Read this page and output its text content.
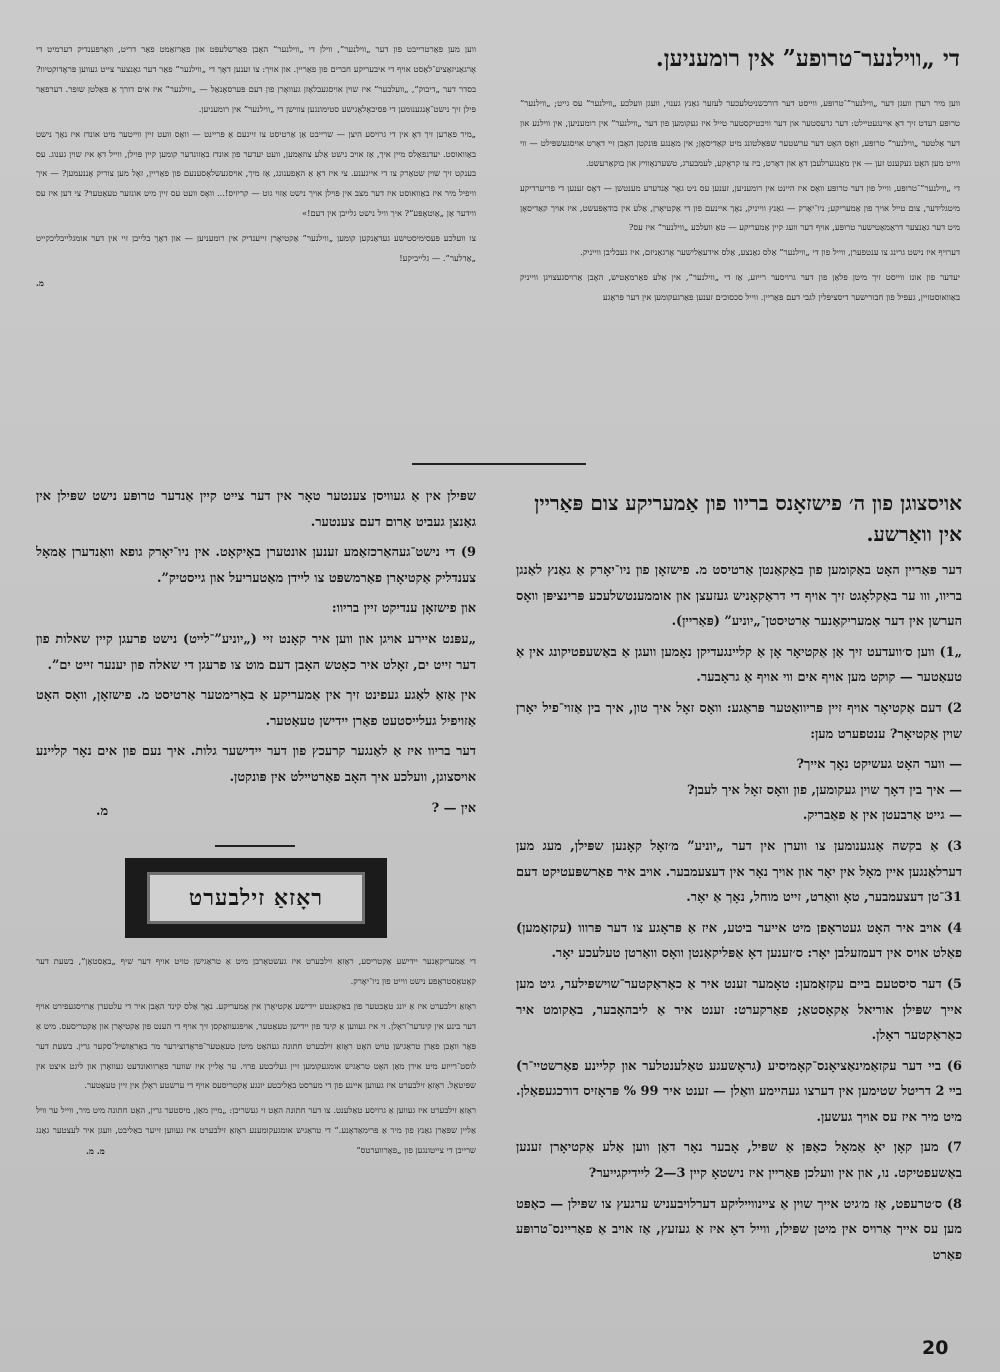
די „ווילנער־טרופע” אין רומעניען.

ווען מיר רעדן וועגן דער „ווילנער”־טרופּע, ווייסט דער דורכשניטלעכער לעזער גאַנץ גענוי, וועגן וועלכע „ווילנער” עס גייט; „ווילנער” טרופּע רעדט זיך דאָ איינגעטיילט: דער גרעסטער און דער וויכטיקסטער טייל איז געקומען פון דער „ווילנער” אין רומעניען, אין ווילנע און דער אַלטער „ווילנער” טרופּע, וואָס האָט דער ערשטער שפּאַלטונג מיט קאַדיסאָן; אין מאַנגע פּונקטן האָבן זיי דאָרט אויסגעשפּילט — ווי ווייט מען האָט געקענט זען — אין מאַנגערלעבן דאָ און דאָרט, ביז צו קראָקע, לעמבערג, טשערנאָוויץ און בוקאַרעשט.

די „ווילנער”־טרופּע, ווייל פון דער טרופּע וואָס איז היינט אין רומעניען, זענען עס ניט גאָר אַנדערע מענטשן — דאָס זענען די פריערדיקע מיטגלידער, צום טייל אויך פון אַמעריקע; ניו־יאָרק — גאַנץ ווייניק, נאָך איינעם פון די אַקטיאָרן, אַלע אין בודאַפּעשט, איז אויך קאַדיסאָן מיט דער גאַנצער דראַמאַטישער טרופּע, אויף דער וועג קיין אַמעריקע — טאַ וועלכע „ווילנער” איז עס?

דערויף איז נישט גרינג צו ענטפערן, ווייל פון די „ווילנער” אַלס גאַנצע, אַלס אידעאַלישער אָרגאַניזם, איז געבליבן ווייניק.

יעדער פון אונז ווייסט זיך מיטן פלאַן פון דער גרויסער רייזע, אַז די „ווילנער”, אין אַלע פאַרמאַטיש, האָבן אַרויסגעצויגן ווייניק באַוואוסטזיין, געפיל פון חבורישער דיסציפּלין לגבי דעם פּאַריין. ווייל סכסוכים זענען פאַרגעקומען אין דער פּראָגע

ווען מען פאַרטרייבט פון דער „ווילנער”, ווילן די „ווילנער” האָבן פאַרשלעפּט און פאַרזאַמט פאַר דריט, וואָרפענדיק דערמיט די אָרגאַניזאַציע־לאַסט אויף די איבעריקע חברים פון פאַריין. און אויך: צו זענען דאָך די „ווילנער” פאַר דער גאַנצער צייט געווען פּראָדוקטיוו? בסדר דער „דיבוק”, „וועלבער” איז שוין אויסגעבלאָזן געוואָרן פון דעם פּערסאָנאַל — „ווילנער” איז אים דורך אַ פּאַלטן שופר. דערפאַר פּילן זיך נישט־אָנגענומען די פּסיכאָלאָגישע סטימונגען צווישן די „ווילנער” אין רומעניען.

„מיר פאַרען זיך דאָ אין די גרויסע היצן — שרייבט אַן אַרטיסט צו זיינעם אַ פּריינט — וואָס וועט זיין ווייטער מיט אונדז איז נאָך נישט באַוואוסט. יעדנפאַלס מיין איך, אַז אויב נישט אַלע צוזאַמען, וועט יעדער פון אונדז באַזונדער קומען קיין פּוילן, ווייל דאָ איז שוין גענוג. עס בענקט זיך שוין שטאַרק צו די אייגענע. צי איז דאָ אַ האָפענונג, אַז מיך, אויסגעשלאָסענעם פון פאַריין, זאָל מען צוריק אָננעמען? — איך וויפיל מיר איז באַוואוסט איז דער מצב אין פּוילן אויך נישט אַזוי גוט — קריזיס!... וואָס וועט עס זיין מיט אונזער טעאַטער? צי דען איז עס ווידער אַן „אַוטאָפּע”? איך וויל נישט גלייבן אין דעם!»

צו וועלכע פּעסימיסטישע געדאַנקען קומען „ווילנער” אַקטיאָרן זייענדיק אין רומעניען — און דאָך בלייבן זיי אין דער אומגלייבליכקייט „אַדלער”. — גלייביקע!

מ.

אויסצוגן פון ה׳ פישזאָנס בריוו פון אַמעריקע צום פּאַריין אין וואַרשע.

דער פּאַריין האָט באַקומען פון באַקאַנטן אַרטיסט מ. פישזאָן פון ניו־יאָרק אַ גאַנץ לאַנגן בריוו, ווו ער באַקלאָגט זיך אויף די דראַקאָניש געזעצן און אוממענטשלעכע פּרינציפּן וואָס הערשן אין דער אַמעריקאַנער אַרטיסטן־„יוניע” (פּאַריין).

„1) ווען ס׳וועדעט זיך אַן אַקטיאָר אָן אַ קליינגעדיקן נאָמען וועגן אַ באַשעפטיקונג אין אַ טעאַטער — קוקט מען אויף אים ווי אויף אַ גראָבער.

2) דעם אַקטיאָר אויף זיין פּריוואַטער פּראַגע: וואָס זאָל איך טון, איך בין אַזוי־פיל יאָרן שוין אַקטיאָר? ענטפערט מען:

— ווער האָט געשיקט נאָך אייך?

— איך בין דאָך שוין געקומען, פון וואָס זאָל איך לעבן?

— גייט אַרבעטן אין אַ פאַבריק.

3) אַ בקשה אַנגענומען צו ווערן אין דער „יוניע” מ׳זאָל קאָנען שפּילן, מעג מען דערלאַנגען איין מאָל אין יאָר און אויך נאָר אין דעצעמבער. אויב איר פאַרשפּעטיקט דעם 31־טן דעצעמבער, טאָ וואַרט, זייט מוחל, נאָך אַ יאָר.

4) אויב איר האָט געטראָפן מיט אייער ביטע, איז אַ פּראָגע צו דער פּרווו (עקזאַמען) פאַלט אויס אין דעמזעלבן יאָר: ס׳זענען דאָ אַפּליקאַנטן וואָס וואַרטן טעלעכע יאָר.

5) דער סיסטעם ביים עקזאַמען: טאָמער זענט איר אַ כאַראַקטער־שוישפּילער, גיט מען אייך שפּילן אוריאל אַקאָסטאַ; פאַרקערט: זענט איר אַ ליבהאָבער, באַקומט איר כאַראַקטער ראָלן.

6) ביי דער עקזאַמינאַציאָנס־קאָמיסיע (גראָשעגע טאַלענטלער און קליינע פאַרשטיי־ר) ביי 2 דריטל שטימען אין דערצו געהיימע וואַלן — זענט איר 99 % פּראָזיס דורכגעפאַלן. מיט מיר איז עס אויך געשען.

7) מען קאָן יאָ אַמאָל כאַפּן אַ שפּיל, אָבער נאָר דאַן ווען אַלע אַקטיאָרן זענען באַשעפטיקט. נו, און אין וועלכן פּאַריין איז נישטאָ קיין 3—2 לײדיקגייער?

8) ס׳טרעפט, אַז מ׳גיט אייך שוין אַ ציינווייליקע דערלויבעניש ערגעץ צו שפּילן — כאַפּט מען עס אייך אַרויס אין מיטן שפּילן, ווייל דאָ איז אַ געזעץ, אַז אויב אַ פאַריינס־טרופּע פאַרט

שפּילן אין אַ געוויסן צענטער טאָר אין דער צייט קיין אַנדער טרופּע נישט שפּילן אין גאַנצן געביט אַרום דעם צענטער.

9) די נישט־געהאַרכזאַמע זענען אונטערן באָיקאָט. אין ניו־יאָרק גופא וואַנדערן אַמאָל צענדליק אַקטיאָרן פאַרמשפּט צו לײדן מאַטעריעל און גייסטיק”.

און פישזאָן ענדיקט זיין בריוו:

„עפּנט איירע אויגן און ווען איר קאָנט זיי („יוניע”־לײט) נישט פרעגן קיין שאלות פון דער זייט ים, זאָלט איר כאָטש האָבן דעם מוט צו פרעגן די שאלה פון יענער זייט ים”.

אין אַזאַ לאַגע געפינט זיך אין אַמעריקע אַ באַרימטער אַרטיסט מ. פישזאָן, וואָס האָט אַזויפיל געלייסטעט פאַרן יידישן טעאַטער.

דער בריוו איז אַ לאַנגער קרעכץ פון דער יידישער גלות. איך נעם פון אים נאָר קליינע אויסצוגן, וועלכע איך האָב פאַרטײלט אין פּונקטן.

אין — ?

מ.

ראָזאַ זילבערט

די אַמעריקאַנער יידישע אַקטריסע, ראָזאַ זילבערט איז געשטאָרבן מיט אַ טראַגישן טויט אויף דער שיף „באַסטאָן”, בשעת דער קאַטאַסטראָפע נישט ווייט פון ניו־יאָרק.

ראָזאַ זילבערט איז אַ יונג טאָכטער פון באַקאַנטע יידישע אַקטיאָרן אין אַמעריקע. נאָך אַלס קינד האָבן איר די עלטערן אַרויסגעפירט אויף דער בינע אין קינדער־ראָלן. זי איז געווען אַ קינד פון יידישן טעאַטער, אויפגעוואַקסן זיך אויף די הענט פון אַקטיאָרן און אַקטריסעס. מיט אַ פּאָר וואָכן פאַרן טראַגישן טויט האָט ראָזאַ זילבערט חתונה געהאַט מיטן טעאַטער־פּראָדוצירער מר באַראַזשיל־סקער גרין. בשעת דער לוסט־רייזע מיט אירן מאַן האָט טראַגיש אומגעקומען זיין געליבטע פרוי. ער אַליין איז שווער פאַרוואונדעט געוואָרן און ליגט איצט אין שפּיטאָל. ראָזאַ זילבערט איז געווען איינע פון די מערסט באַליבטע יונגע אַקטריסעס אויף די ערשטע ראָלן אין זיין טעאַטער.

ראָזאַ זילבערט איז געווען אַ גרויסע טאַלענט. צו דער חתונה האָט זי געשריבן: „מיין מאַן, מיסטער גרין, האָט חתונה מיט מיר, ווייל ער וויל אַליין שפּאַרן גאַנץ פון מיר אַ פּרימאַדאָנע.” די טראַגיש אומגעקומענע ראָזאַ זילבערט איז געווען זייער באַליבט, וועגן איר לעצטער גאַנג שרייבן די צייטונגען פון „פאָרווערטס”

מ. מ.

20
